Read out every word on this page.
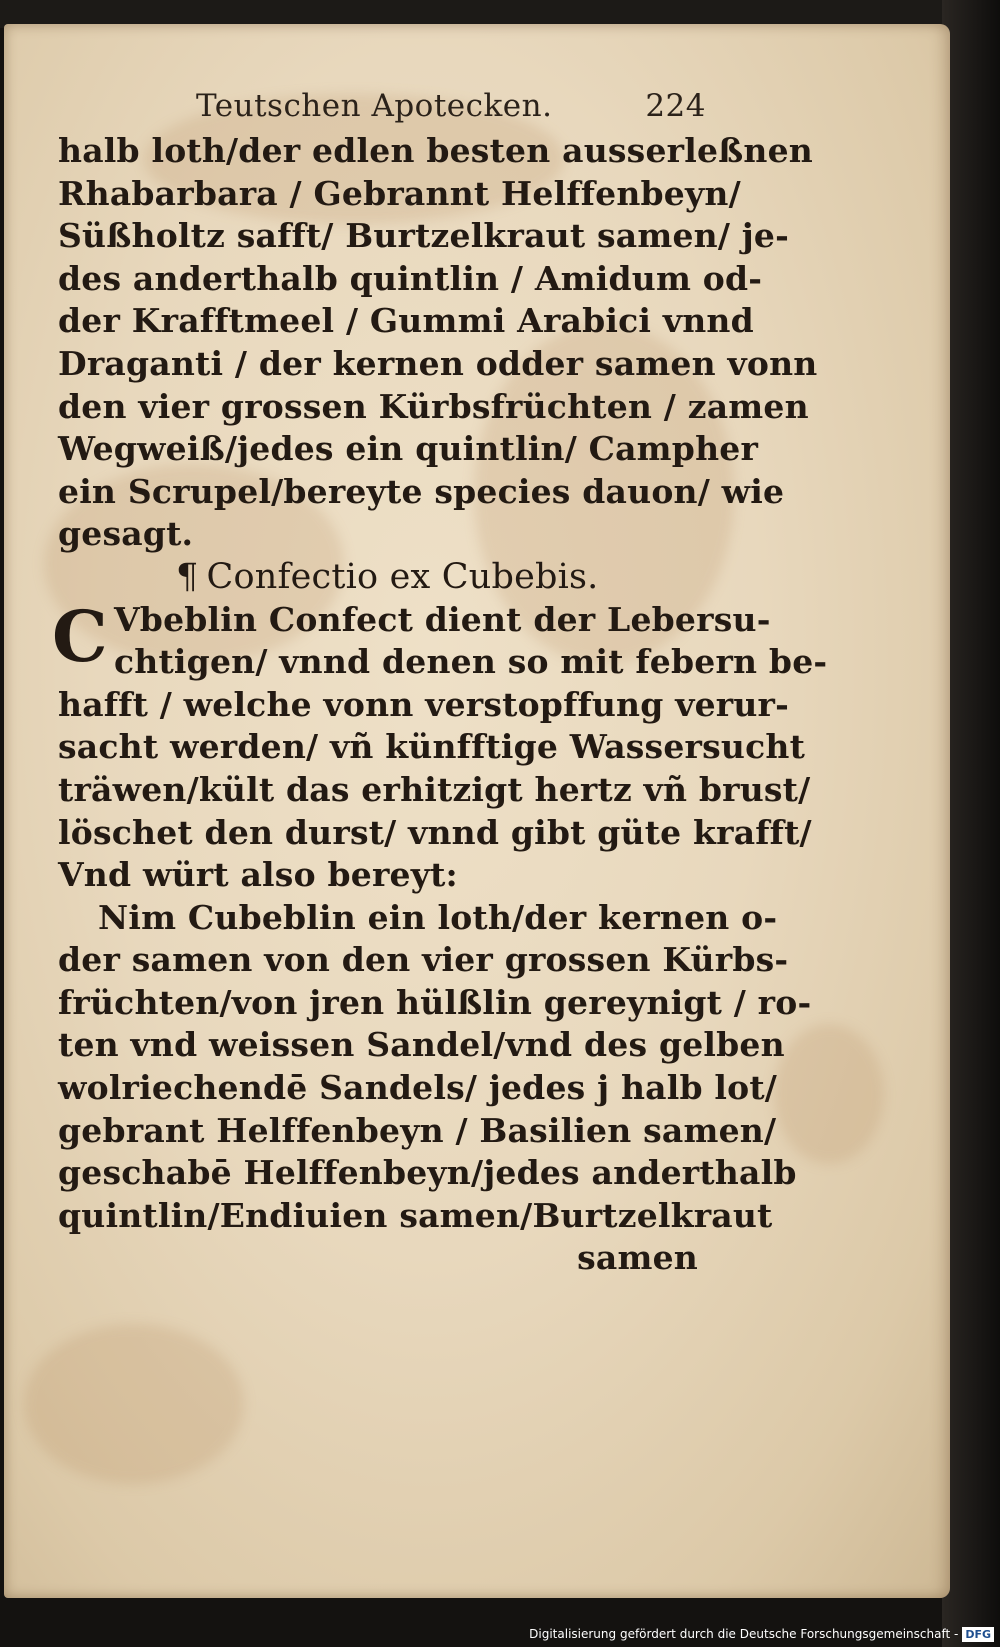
Teutschen Apotecken.	224
halb loth/der edlen besten ausserleßnen
Rhabarbara / Gebrannt Helffenbeyn/
Süßholtz safft/ Burtzelkraut samen/ je-
des anderthalb quintlin / Amidum od-
der Krafftmeel / Gummi Arabici vnnd
Draganti / der kernen odder samen vonn
den vier grossen Kürbsfrüchten / zamen
Wegweiß/jedes ein quintlin/ Campher
ein Scrupel/bereyte species dauon/ wie
gesagt.
¶ Confectio ex Cubebis.
C Vbeblin Confect dient der Lebersu-
chtigen/ vnnd denen so mit febern be-
hafft / welche vonn verstopffung verur-
sacht werden/ vñ künfftige Wassersucht
träwen/kült das erhitzigt hertz vñ brust/
löschet den durst/ vnnd gibt güte krafft/
Vnd würt also bereyt:
Nim Cubeblin ein loth/der kernen o-
der samen von den vier grossen Kürbs-
früchten/von jren hülßlin gereynigt / ro-
ten vnd weissen Sandel/vnd des gelben
wolriechendē Sandels/ jedes j halb lot/
gebrant Helffenbeyn / Basilien samen/
geschabē Helffenbeyn/jedes anderthalb
quintlin/Endiuien samen/Burtzelkraut
samen
Digitalisierung gefördert durch die Deutsche Forschungsgemeinschaft - DFG
